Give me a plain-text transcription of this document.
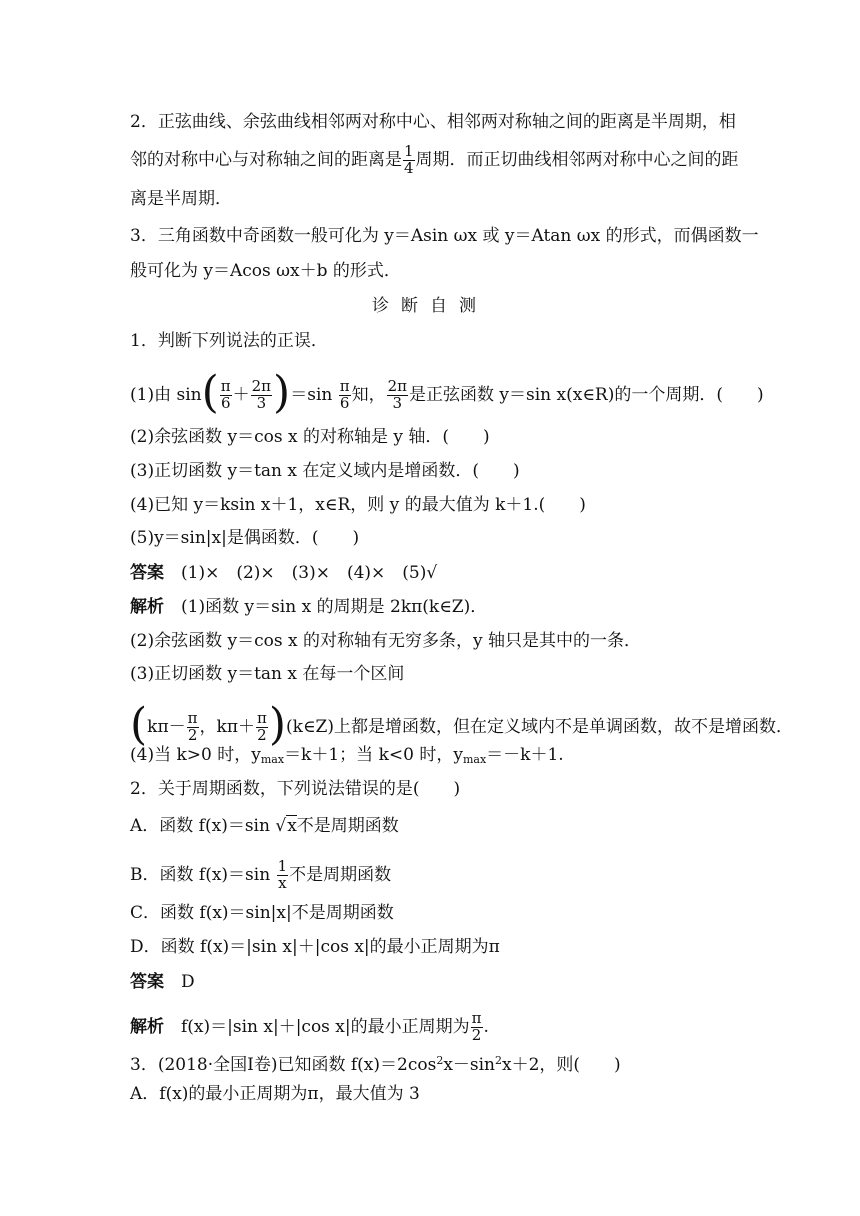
2．正弦曲线、余弦曲线相邻两对称中心、相邻两对称轴之间的距离是半周期，相
邻的对称中心与对称轴之间的距离是 $\frac{1}{4}$ 周期．而正切曲线相邻两对称中心之间的距
离是半周期．
3．三角函数中奇函数一般可化为 y＝Asin ωx 或 y＝Atan ωx 的形式，而偶函数一
般可化为 y＝Acos ωx＋b 的形式．
诊断自测
1．判断下列说法的正误．
(1)由 $\sin( \frac{\pi}{6} + \frac{2\pi}{3} )=\sin \frac{\pi}{6}$ 知， $\frac{2\pi}{3}$ 是正弦函数 y＝sin x(x∈R)的一个周期．(　　)
(2)余弦函数 y＝cos x 的对称轴是 y 轴．(　　)
(3)正切函数 y＝tan x 在定义域内是增函数．(　　)
(4)已知 y＝ksin x＋1，x∈R，则 y 的最大值为 k＋1.(　　)
(5)y＝sin|x|是偶函数．(　　)
答案　 (1)×　(2)×　(3)×　(4)×　(5)√
解析　 (1)函数 y＝sin x 的周期是 2kπ(k∈Z)．
(2)余弦函数 y＝cos x 的对称轴有无穷多条，y 轴只是其中的一条．
(3)正切函数 y＝tan x 在每一个区间
($k\pi- \frac{\pi}{2}$ ，$k\pi+ \frac{\pi}{2}$ )(k∈Z)上都是增函数，但在定义域内不是单调函数，故不是增函数．
(4)当 k>0 时，$y_{max}=k+1$；当 k<0 时，$y_{max}=-k+1$.
2．关于周期函数，下列说法错误的是(　　)
A．函数 f(x)＝sin √x不是周期函数
B．函数 $f(x)=\sin \frac{1}{x}$ 不是周期函数
C．函数 f(x)＝sin|x|不是周期函数
D．函数 f(x)＝|sin x|＋|cos x|的最小正周期为π
答案　 D
解析　 f(x)＝|sin x|＋|cos x|的最小正周期为 $\frac{\pi}{2}$ .
3．(2018·全国Ⅰ卷)已知函数 $f(x)=2\cos^2x-\sin^2x+2$，则(　　)
A．f(x)的最小正周期为π，最大值为 3
